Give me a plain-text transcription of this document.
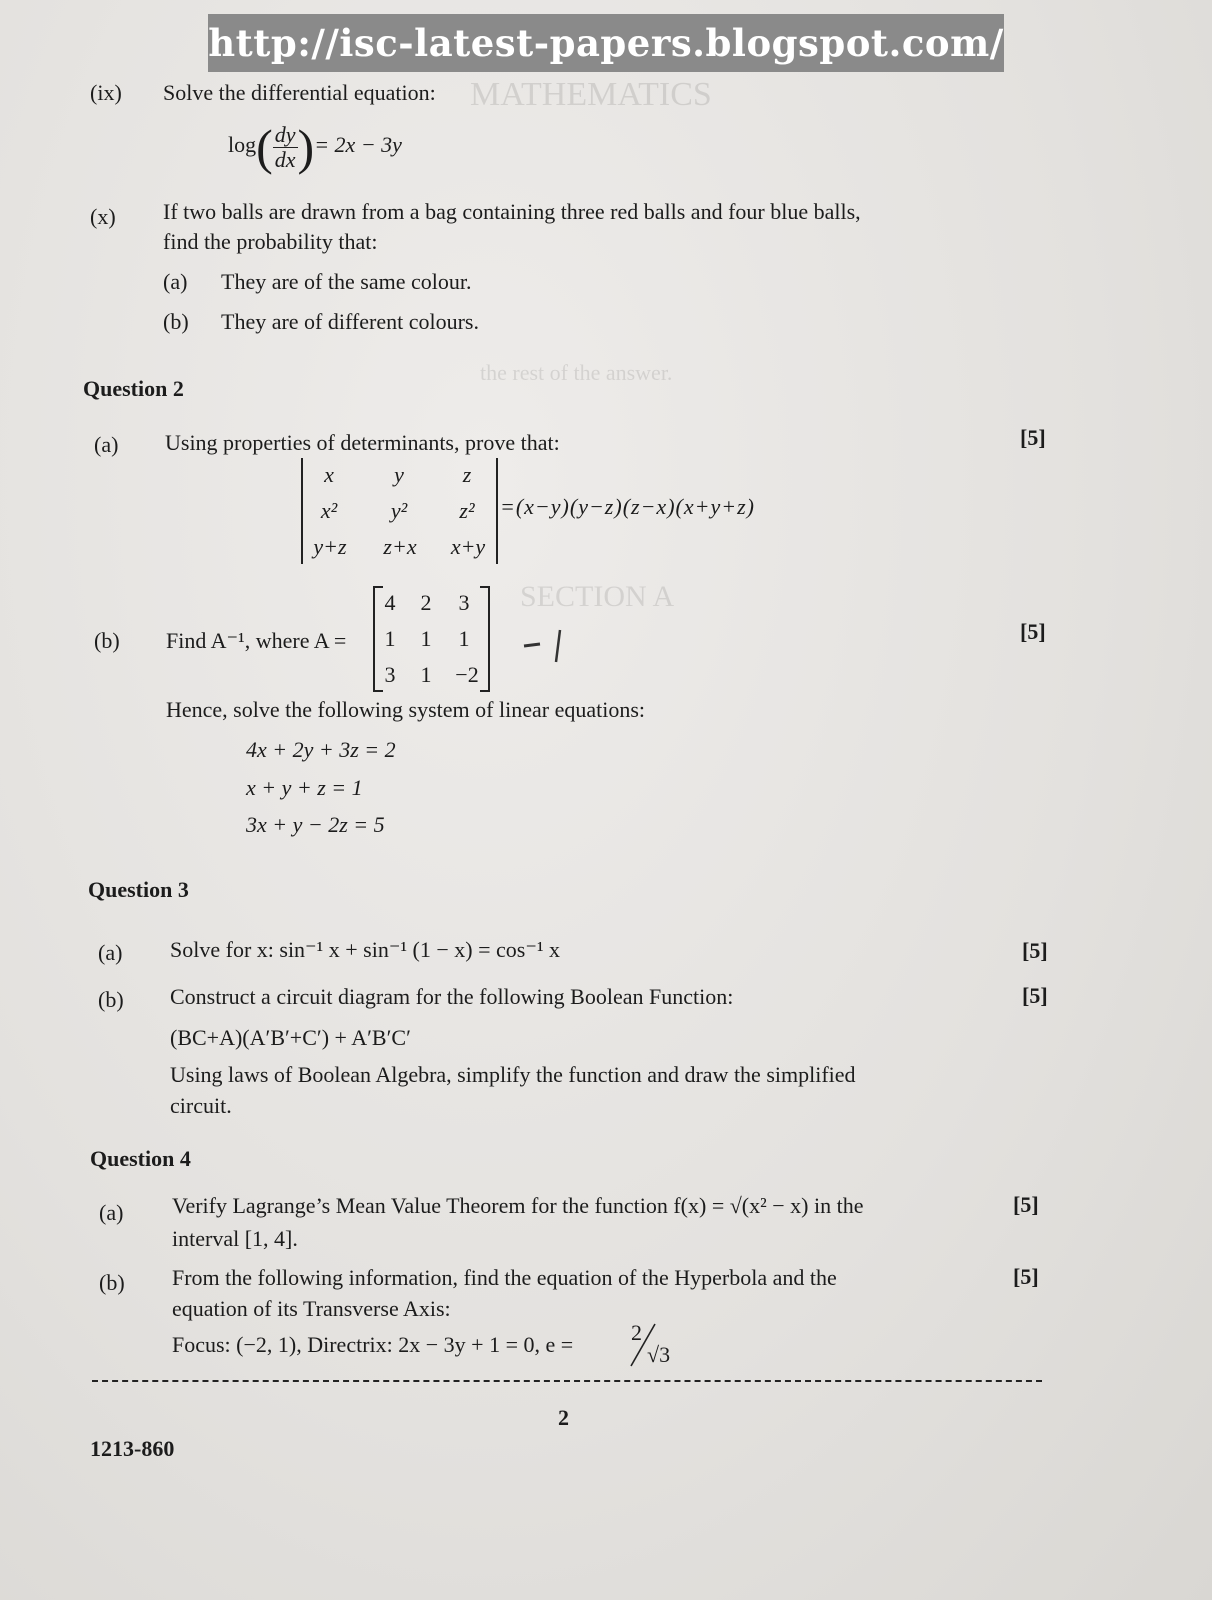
MATHEMATICS
the rest of the answer.
SECTION A
http://isc-latest-papers.blogspot.com/
(ix) Solve the differential equation:
$\log( \frac{dy}{dx}$ )= 2x − 3y
(x) If two balls are drawn from a bag containing three red balls and four blue balls,
find the probability that:
(a) They are of the same colour.
(b) They are of different colours.
Question 2
(a) Using properties of determinants, prove that:	[5]
x	y	z
x²	y²	z²
y+z	z+x	x+y
=(x−y)(y−z)(z−x)(x+y+z)
(b) Find A⁻¹, where A =	[5]
4 2	3
1 1	1
3 1	−2
Hence, solve the following system of linear equations:
4x + 2y + 3z = 2
x + y + z = 1
3x + y − 2z = 5
Question 3
(a) Solve for x: sin⁻¹ x + sin⁻¹ (1 − x) = cos⁻¹ x	[5]
(b) Construct a circuit diagram for the following Boolean Function:	[5]
(BC+A)(A′B′+C′) + A′B′C′
Using laws of Boolean Algebra, simplify the function and draw the simplified
circuit.
Question 4
(a) Verify Lagrange’s Mean Value Theorem for the function f(x) = √(x² − x) in the
interval [1, 4].
[5]
(b) From the following information, find the equation of the Hyperbola and the
equation of its Transverse Axis:
Focus: (−2, 1), Directrix: 2x − 3y + 1 = 0, e =	2
√3
[5]
2
1213-860
